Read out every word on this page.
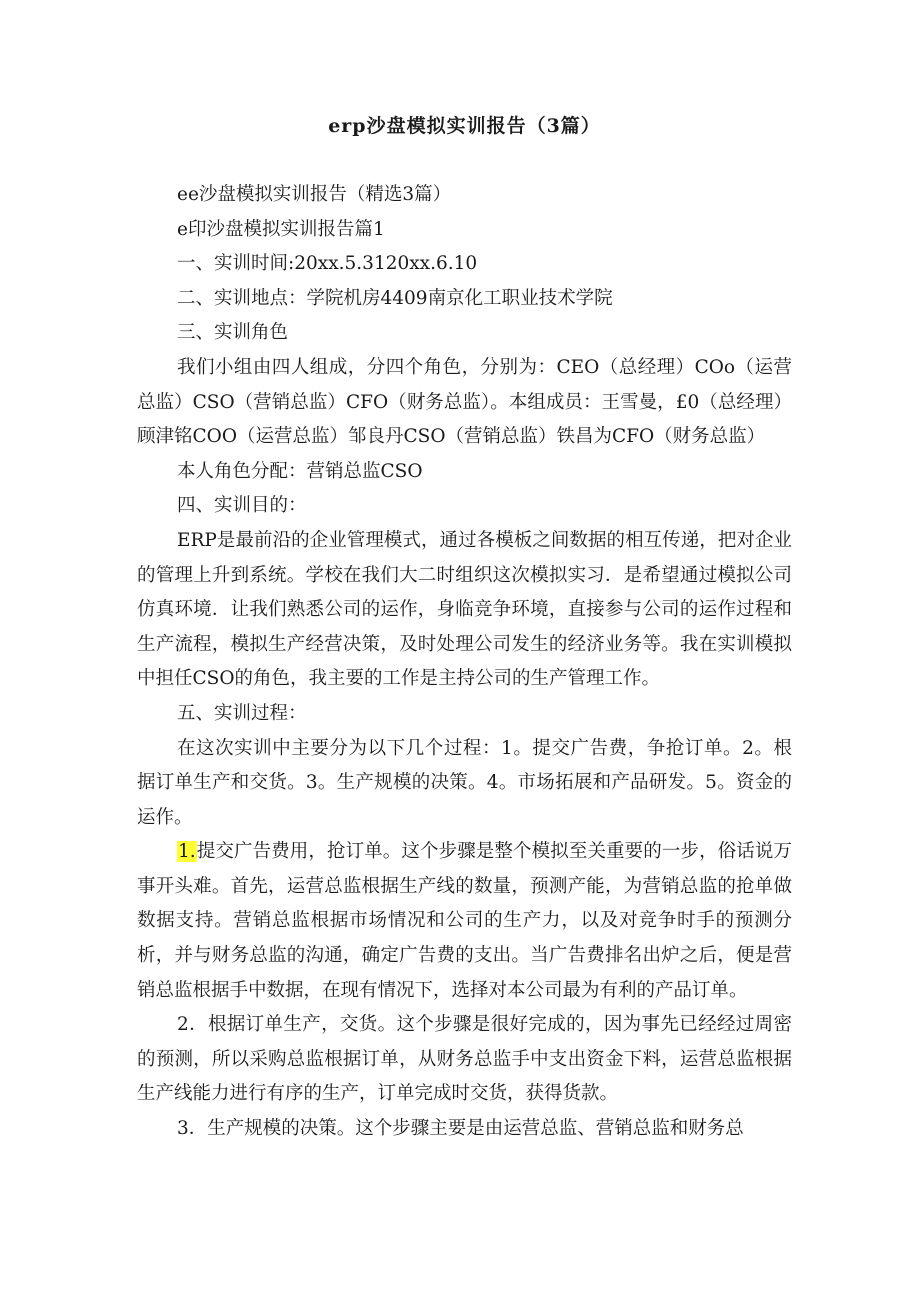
erp沙盘模拟实训报告（3篇）

ee沙盘模拟实训报告（精选3篇）

e印沙盘模拟实训报告篇1

一、实训时间:20xx.5.3120xx.6.10

二、实训地点：学院机房4409南京化工职业技术学院

三、实训角色

我们小组由四人组成，分四个角色，分别为：CEO（总经理）COo（运营总监）CSO（营销总监）CFO（财务总监）。本组成员：王雪曼，£0（总经理）顾津铭COO（运营总监）邹良丹CSO（营销总监）铁昌为CFO（财务总监）

本人角色分配：营销总监CSO

四、实训目的：

ERP是最前沿的企业管理模式，通过各模板之间数据的相互传递，把对企业的管理上升到系统。学校在我们大二时组织这次模拟实习．是希望通过模拟公司仿真环境．让我们熟悉公司的运作，身临竞争环境，直接参与公司的运作过程和生产流程，模拟生产经营决策，及时处理公司发生的经济业务等。我在实训模拟中担任CSO的角色，我主要的工作是主持公司的生产管理工作。

五、实训过程：

在这次实训中主要分为以下几个过程：1。提交广告费，争抢订单。2。根据订单生产和交货。3。生产规模的决策。4。市场拓展和产品研发。5。资金的运作。

1.提交广告费用，抢订单。这个步骤是整个模拟至关重要的一步，俗话说万事开头难。首先，运营总监根据生产线的数量，预测产能，为营销总监的抢单做数据支持。营销总监根据市场情况和公司的生产力，以及对竞争时手的预测分析，并与财务总监的沟通，确定广告费的支出。当广告费排名出炉之后，便是营销总监根据手中数据，在现有情况下，选择对本公司最为有利的产品订单。

2．根据订单生产，交货。这个步骤是很好完成的，因为事先已经经过周密的预测，所以采购总监根据订单，从财务总监手中支出资金下料，运营总监根据生产线能力进行有序的生产，订单完成时交货，获得货款。

3．生产规模的决策。这个步骤主要是由运营总监、营销总监和财务总
